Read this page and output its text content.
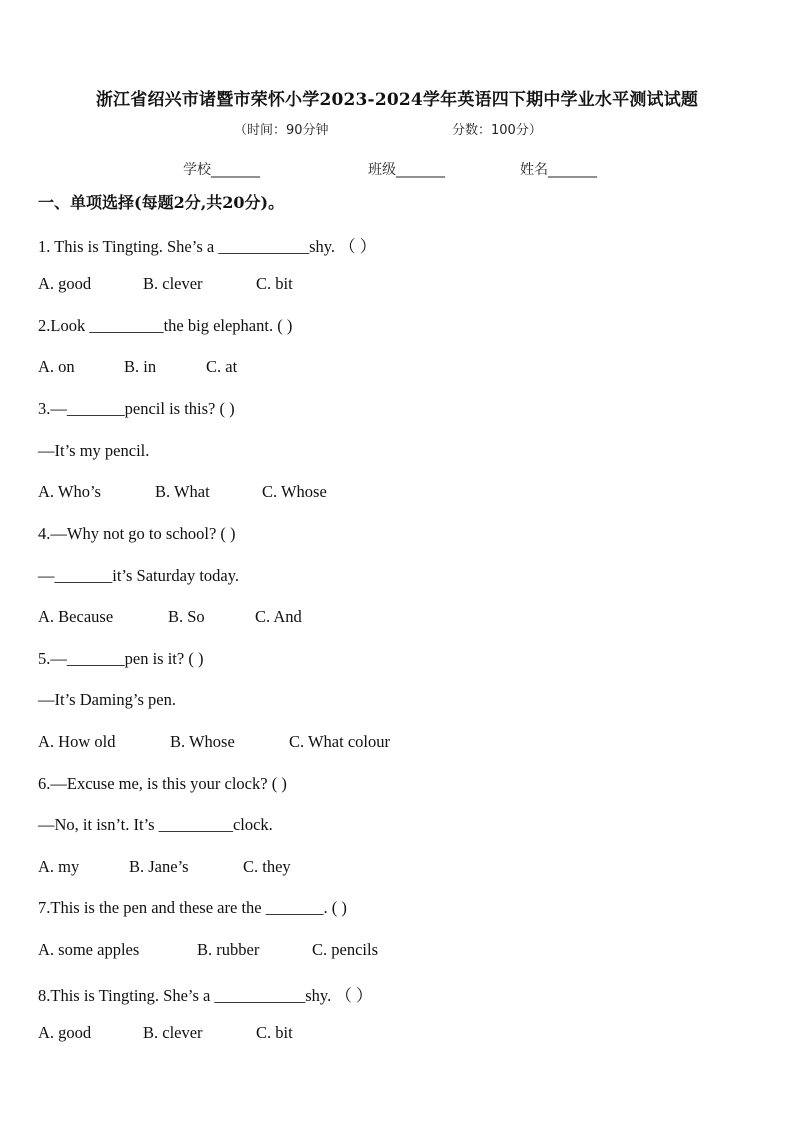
浙江省绍兴市诸暨市荣怀小学2023-2024学年英语四下期中学业水平测试试题
（时间：90分钟	分数：100分）
学校_______	班级_______	姓名_______
一、单项选择(每题2分,共20分)。
1. This is Tingting. She’s a ___________shy. （ ）
A. good	B. clever	C. bit
2.Look _________the big elephant. ( )
A. on	B. in	C. at
3.—_______pencil is this? ( )
—It’s my pencil.
A. Who’s	B. What	C. Whose
4.—Why not go to school? ( )
—_______it’s Saturday today.
A. Because	B. So	C. And
5.—_______pen is it? ( )
—It’s Daming’s pen.
A. How old	B. Whose	C. What colour
6.—Excuse me, is this your clock? ( )
—No, it isn’t. It’s _________clock.
A. my	B. Jane’s	C. they
7.This is the pen and these are the _______. ( )
A. some apples	B. rubber	C. pencils
8.This is Tingting. She’s a ___________shy. （ ）
A. good	B. clever	C. bit
